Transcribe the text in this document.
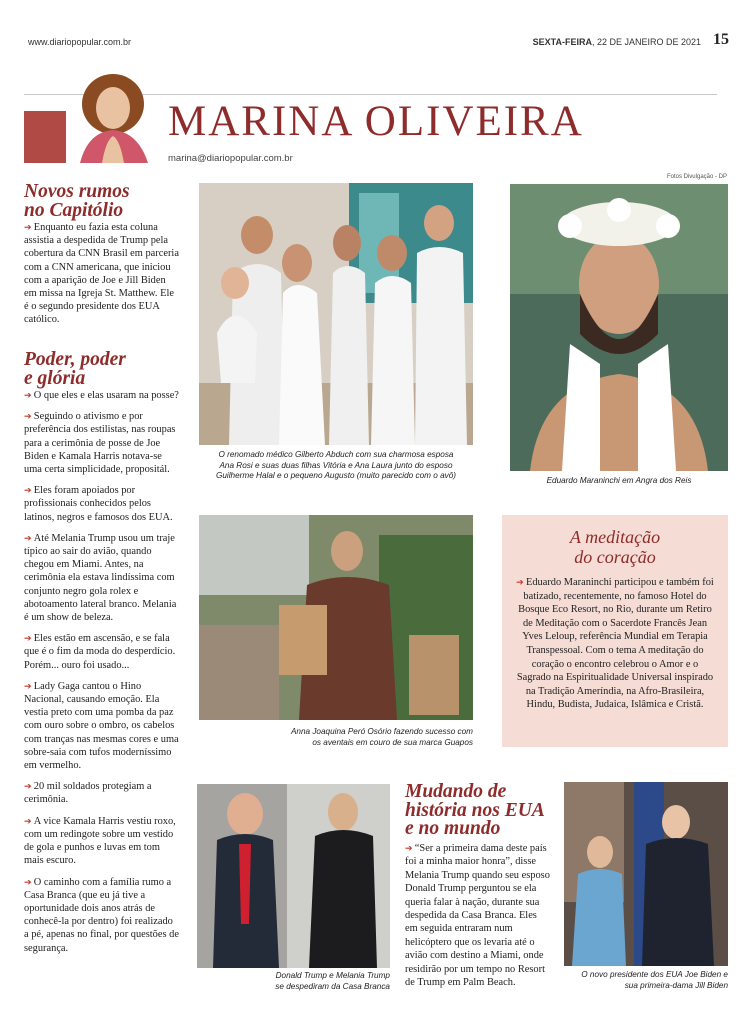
www.diariopopular.com.br	SEXTA-FEIRA, 22 DE JANEIRO DE 2021 15
MARINA OLIVEIRA
marina@diariopopular.com.br
Fotos Divulgação - DP
Novos rumos
no Capitólio

➔ Enquanto eu fazia esta coluna assistia a despedida de Trump pela cobertura da CNN Brasil em parceria com a CNN americana, que iniciou com a aparição de Joe e Jill Biden em missa na Igreja St. Matthew. Ele é o segundo presidente dos EUA católico.

Poder, poder
e glória

➔ O que eles e elas usaram na posse?

➔ Seguindo o ativismo e por preferência dos estilistas, nas roupas para a cerimônia de posse de Joe Biden e Kamala Harris notava-se uma certa simplicidade, propositál.

➔ Eles foram apoiados por profissionais conhecidos pelos latinos, negros e famosos dos EUA.

➔ Até Melania Trump usou um traje típico ao sair do avião, quando chegou em Miami. Antes, na cerimônia ela estava lindíssima com conjunto negro gola rolex e abotoamento lateral branco. Melania é um show de beleza.

➔ Eles estão em ascensão, e se fala que é o fim da moda do desperdício. Porém... ouro foi usado...

➔ Lady Gaga cantou o Hino Nacional, causando emoção. Ela vestia preto com uma pomba da paz com ouro sobre o ombro, os cabelos com tranças nas mesmas cores e uma sobre-saia com tufos moderníssimo em vermelho.

➔ 20 mil soldados protegiam a cerimônia.

➔ A vice Kamala Harris vestiu roxo, com um redingote sobre um vestido de gola e punhos e luvas em tom mais escuro.

➔ O caminho com a família rumo a Casa Branca (que eu já tive a oportunidade dois anos atrás de conhecê-la por dentro) foi realizado a pé, apenas no final, por questões de segurança.

O renomado médico Gilberto Abduch com sua charmosa esposa
Ana Rosi e suas duas filhas Vitória e Ana Laura junto do esposo
Guilherme Halal e o pequeno Augusto (muito parecido com o avô)
Eduardo Maraninchi em Angra dos Reis
Anna Joaquina Peró Osório fazendo sucesso com
os aventais em couro de sua marca Guapos
A meditação
do coração
➔ Eduardo Maraninchi participou e também foi batizado, recentemente, no famoso Hotel do Bosque Eco Resort, no Rio, durante um Retiro de Meditação com o Sacerdote Francês Jean Yves Leloup, referência Mundial em Terapia Transpessoal. Com o tema A meditação do coração o encontro celebrou o Amor e o Sagrado na Espiritualidade Universal inspirado na Tradição Ameríndia, na Afro-Brasileira, Hindu, Budista, Judaica, Islâmica e Cristã.
Donald Trump e Melania Trump
se despediram da Casa Branca
Mudando de
história nos EUA
e no mundo

➔ “Ser a primeira dama deste país foi a minha maior honra”, disse Melania Trump quando seu esposo Donald Trump perguntou se ela queria falar à nação, durante sua despedida da Casa Branca. Eles em seguida entraram num helicóptero que os levaria até o avião com destino a Miami, onde residirão por um tempo no Resort de Trump em Palm Beach.

O novo presidente dos EUA Joe Biden e
sua primeira-dama Jill Biden
